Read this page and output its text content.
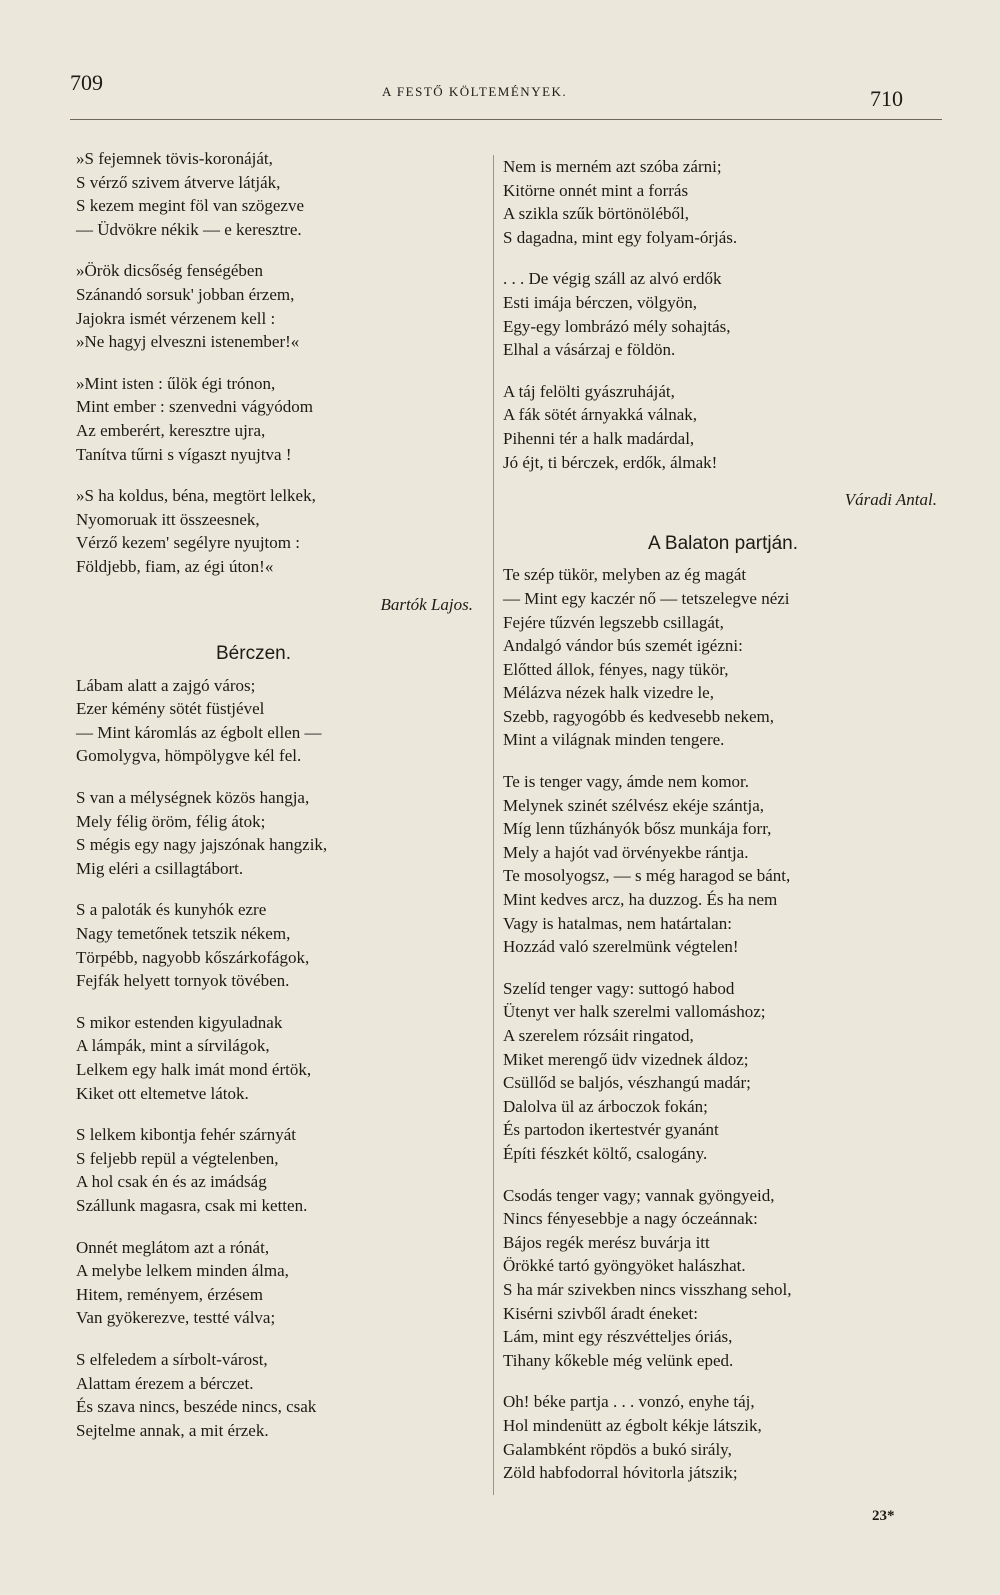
709	A FESTŐ KÖLTEMÉNYEK.	710
»S fejemnek tövis-koronáját,
S vérző szivem átverve látják,
S kezem megint föl van szögezve
— Üdvökre nékik — e keresztre.
»Örök dicsőség fenségében
Szánandó sorsuk' jobban érzem,
Jajokra ismét vérzenem kell :
»Ne hagyj elveszni istenember!«
»Mint isten : űlök égi trónon,
Mint ember : szenvedni vágyódom
Az emberért, keresztre ujra,
Tanítva tűrni s vígaszt nyujtva !
»S ha koldus, béna, megtört lelkek,
Nyomoruak itt összeesnek,
Vérző kezem' segélyre nyujtom :
Földjebb, fiam, az égi úton!«
Bartók Lajos.
Bérczen.
Lábam alatt a zajgó város;
Ezer kémény sötét füstjével
— Mint káromlás az égbolt ellen —
Gomolygva, hömpölygve kél fel.
S van a mélységnek közös hangja,
Mely félig öröm, félig átok;
S mégis egy nagy jajszónak hangzik,
Mig eléri a csillagtábort.
S a paloták és kunyhók ezre
Nagy temetőnek tetszik nékem,
Törpébb, nagyobb kőszárkofágok,
Fejfák helyett tornyok tövében.
S mikor estenden kigyuladnak
A lámpák, mint a sírvilágok,
Lelkem egy halk imát mond értök,
Kiket ott eltemetve látok.
S lelkem kibontja fehér szárnyát
S feljebb repül a végtelenben,
A hol csak én és az imádság
Szállunk magasra, csak mi ketten.
Onnét meglátom azt a rónát,
A melybe lelkem minden álma,
Hitem, reményem, érzésem
Van gyökerezve, testté válva;
S elfeledem a sírbolt-várost,
Alattam érezem a bérczet.
És szava nincs, beszéde nincs, csak
Sejtelme annak, a mit érzek.
Nem is merném azt szóba zárni;
Kitörne onnét mint a forrás
A szikla szűk börtönöléből,
S dagadna, mint egy folyam-órjás.
. . . De végig száll az alvó erdők
Esti imája bérczen, völgyön,
Egy-egy lombrázó mély sohajtás,
Elhal a vásárzaj e földön.
A táj felölti gyászruháját,
A fák sötét árnyakká válnak,
Pihenni tér a halk madárdal,
Jó éjt, ti bérczek, erdők, álmak!
Váradi Antal.
A Balaton partján.
Te szép tükör, melyben az ég magát
— Mint egy kaczér nő — tetszelegve nézi
Fejére tűzvén legszebb csillagát,
Andalgó vándor bús szemét igézni:
Előtted állok, fényes, nagy tükör,
Mélázva nézek halk vizedre le,
Szebb, ragyogóbb és kedvesebb nekem,
Mint a világnak minden tengere.
Te is tenger vagy, ámde nem komor.
Melynek szinét szélvész ekéje szántja,
Míg lenn tűzhányók bősz munkája forr,
Mely a hajót vad örvényekbe rántja.
Te mosolyogsz, — s még haragod se bánt,
Mint kedves arcz, ha duzzog. És ha nem
Vagy is hatalmas, nem határtalan:
Hozzád való szerelmünk végtelen!
Szelíd tenger vagy: suttogó habod
Ütenyt ver halk szerelmi vallomáshoz;
A szerelem rózsáit ringatod,
Miket merengő üdv vizednek áldoz;
Csüllőd se baljós, vészhangú madár;
Dalolva ül az árboczok fokán;
És partodon ikertestvér gyanánt
Építi fészkét költő, csalogány.
Csodás tenger vagy; vannak gyöngyeid,
Nincs fényesebbje a nagy óczeánnak:
Bájos regék merész buvárja itt
Örökké tartó gyöngyöket halászhat.
S ha már szivekben nincs visszhang sehol,
Kisérni szivből áradt éneket:
Lám, mint egy részvétteljes óriás,
Tihany kőkeble még velünk eped.
Oh! béke partja . . . vonzó, enyhe táj,
Hol mindenütt az égbolt kékje látszik,
Galambként röpdös a bukó sirály,
Zöld habfodorral hóvitorla játszik;
23*
